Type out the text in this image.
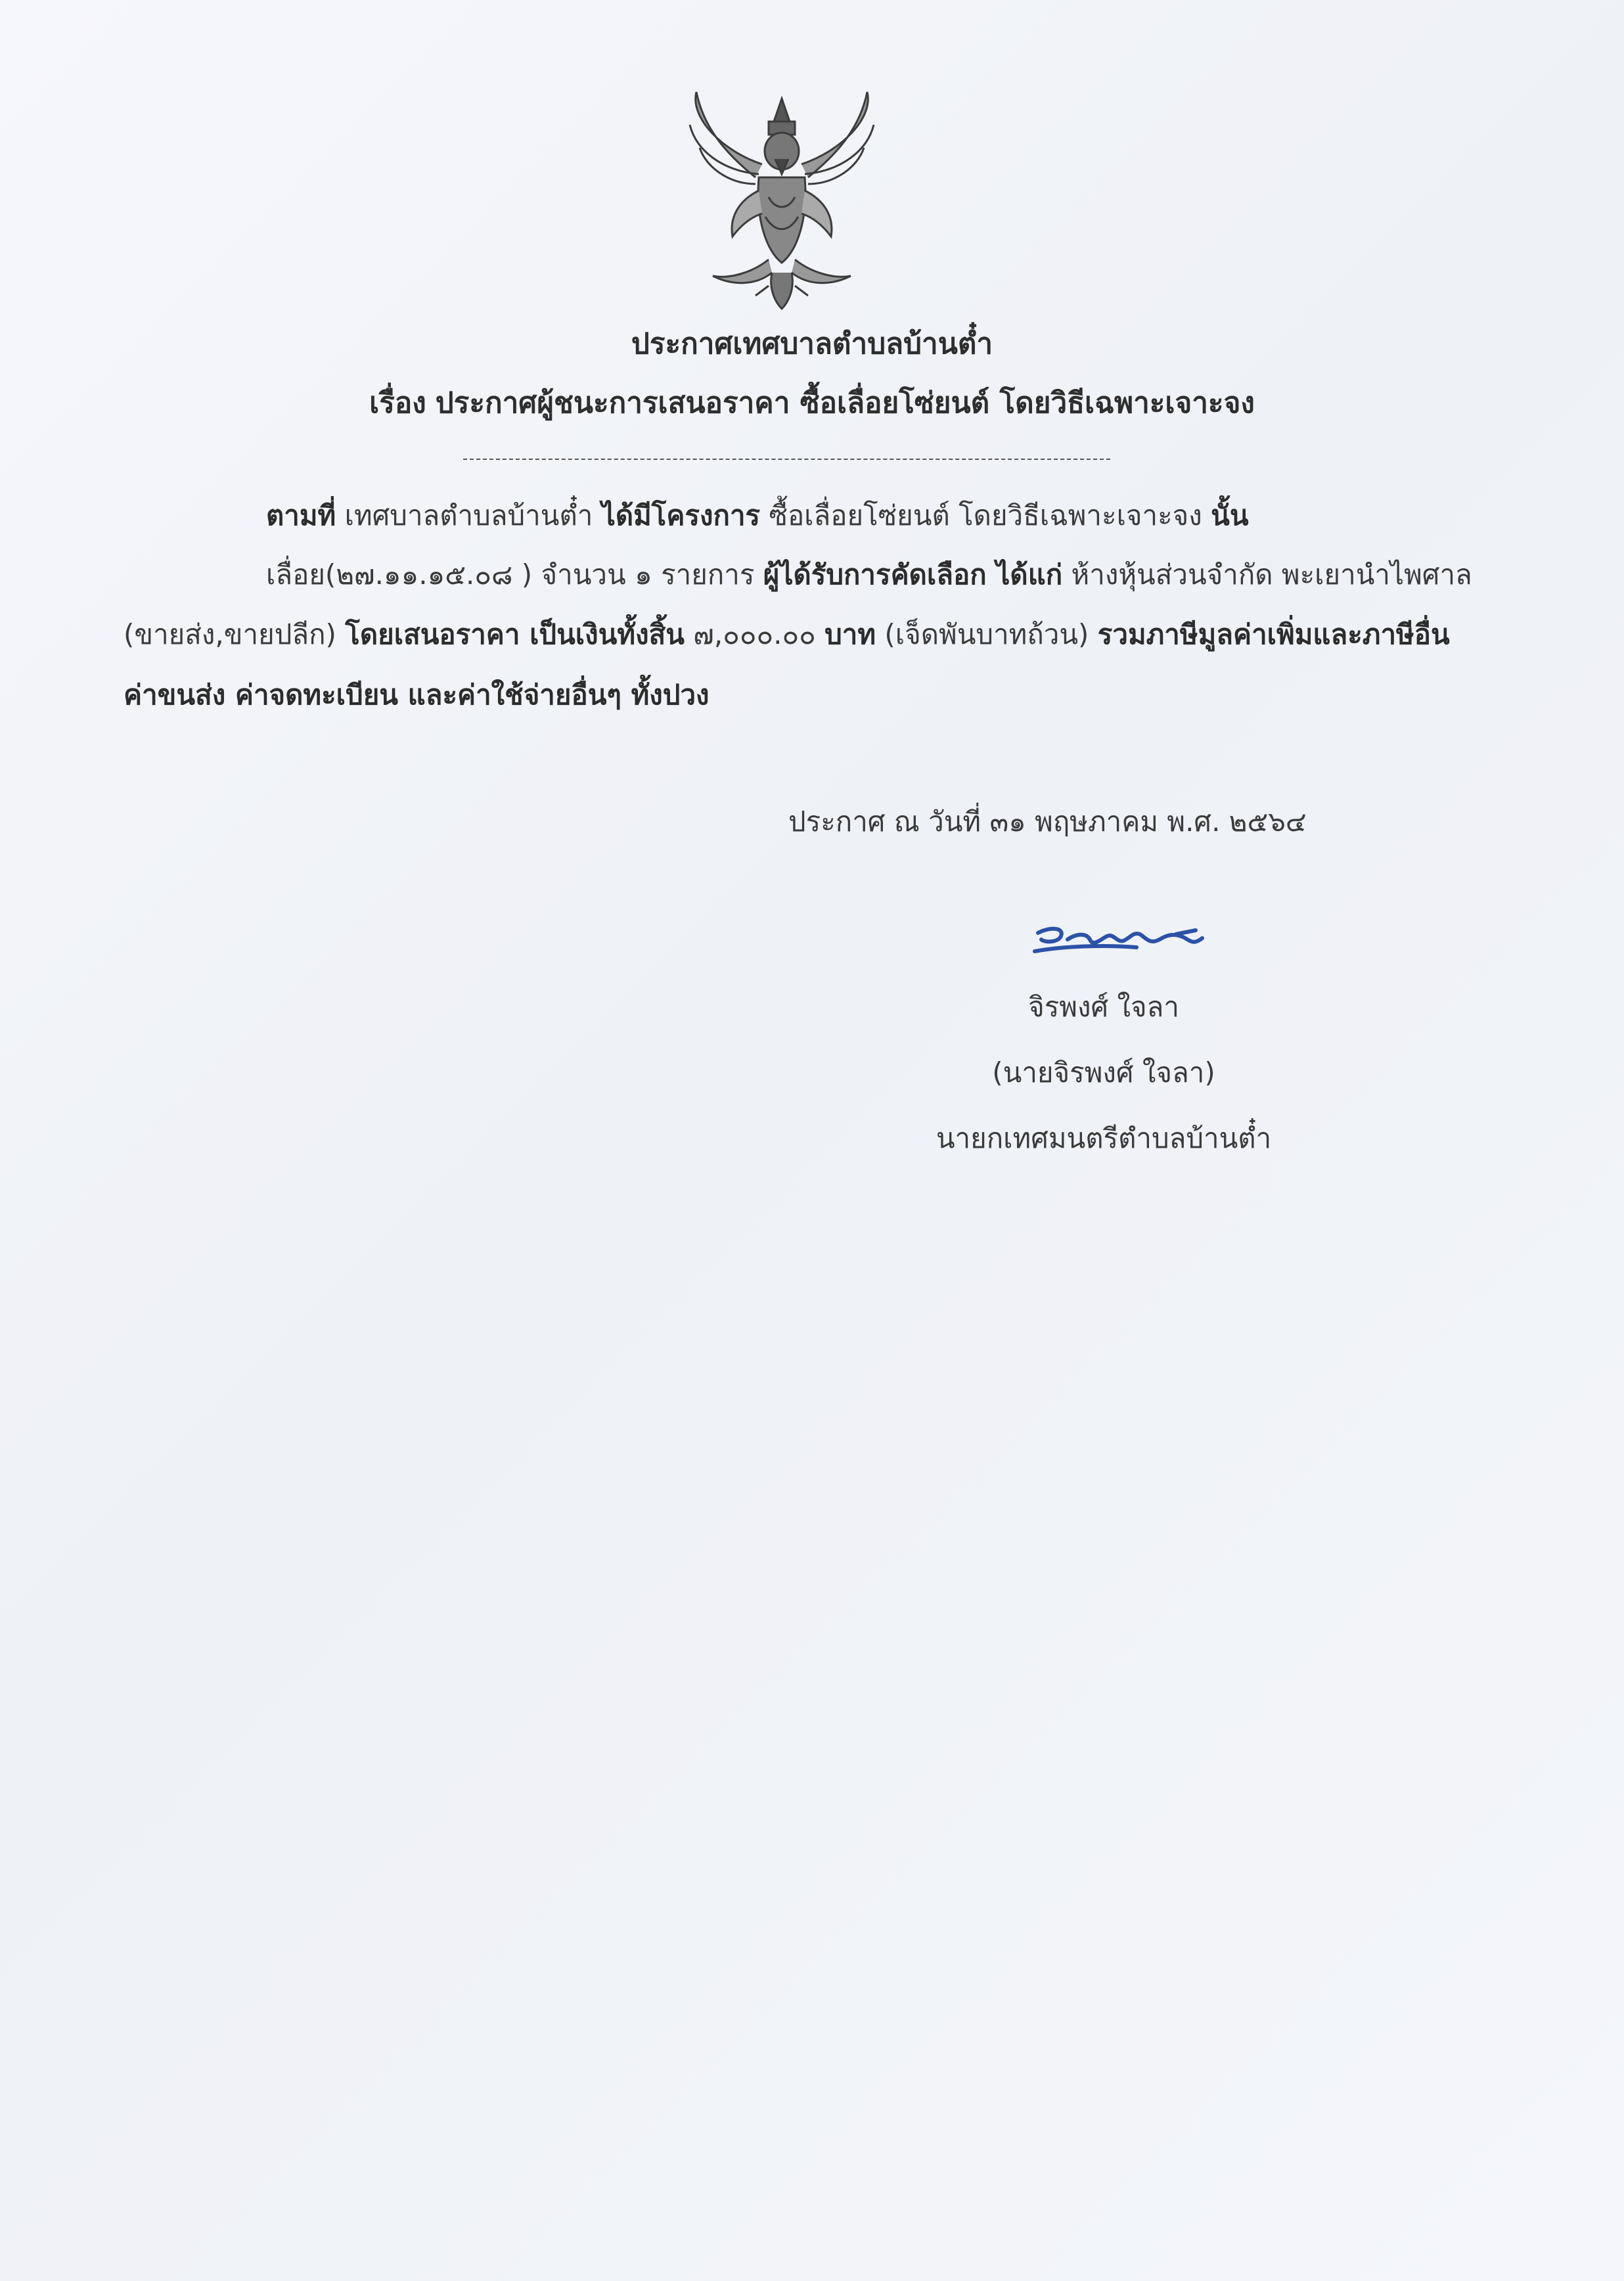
ประกาศเทศบาลตำบลบ้านต๋ำ
เรื่อง ประกาศผู้ชนะการเสนอราคา ซื้อเลื่อยโซ่ยนต์ โดยวิธีเฉพาะเจาะจง
ตามที่ เทศบาลตำบลบ้านต๋ำ ได้มีโครงการ ซื้อเลื่อยโซ่ยนต์ โดยวิธีเฉพาะเจาะจง นั้น
เลื่อย(๒๗.๑๑.๑๕.๐๘ ) จำนวน ๑ รายการ ผู้ได้รับการคัดเลือก ได้แก่ ห้างหุ้นส่วนจำกัด พะเยานำไพศาล
(ขายส่ง,ขายปลีก) โดยเสนอราคา เป็นเงินทั้งสิ้น ๗,๐๐๐.๐๐ บาท (เจ็ดพันบาทถ้วน) รวมภาษีมูลค่าเพิ่มและภาษีอื่น
ค่าขนส่ง ค่าจดทะเบียน และค่าใช้จ่ายอื่นๆ ทั้งปวง
ประกาศ ณ วันที่ ๓๑ พฤษภาคม พ.ศ. ๒๕๖๔
จิรพงศ์ ใจลา
(นายจิรพงศ์ ใจลา)
นายกเทศมนตรีตำบลบ้านต๋ำ
